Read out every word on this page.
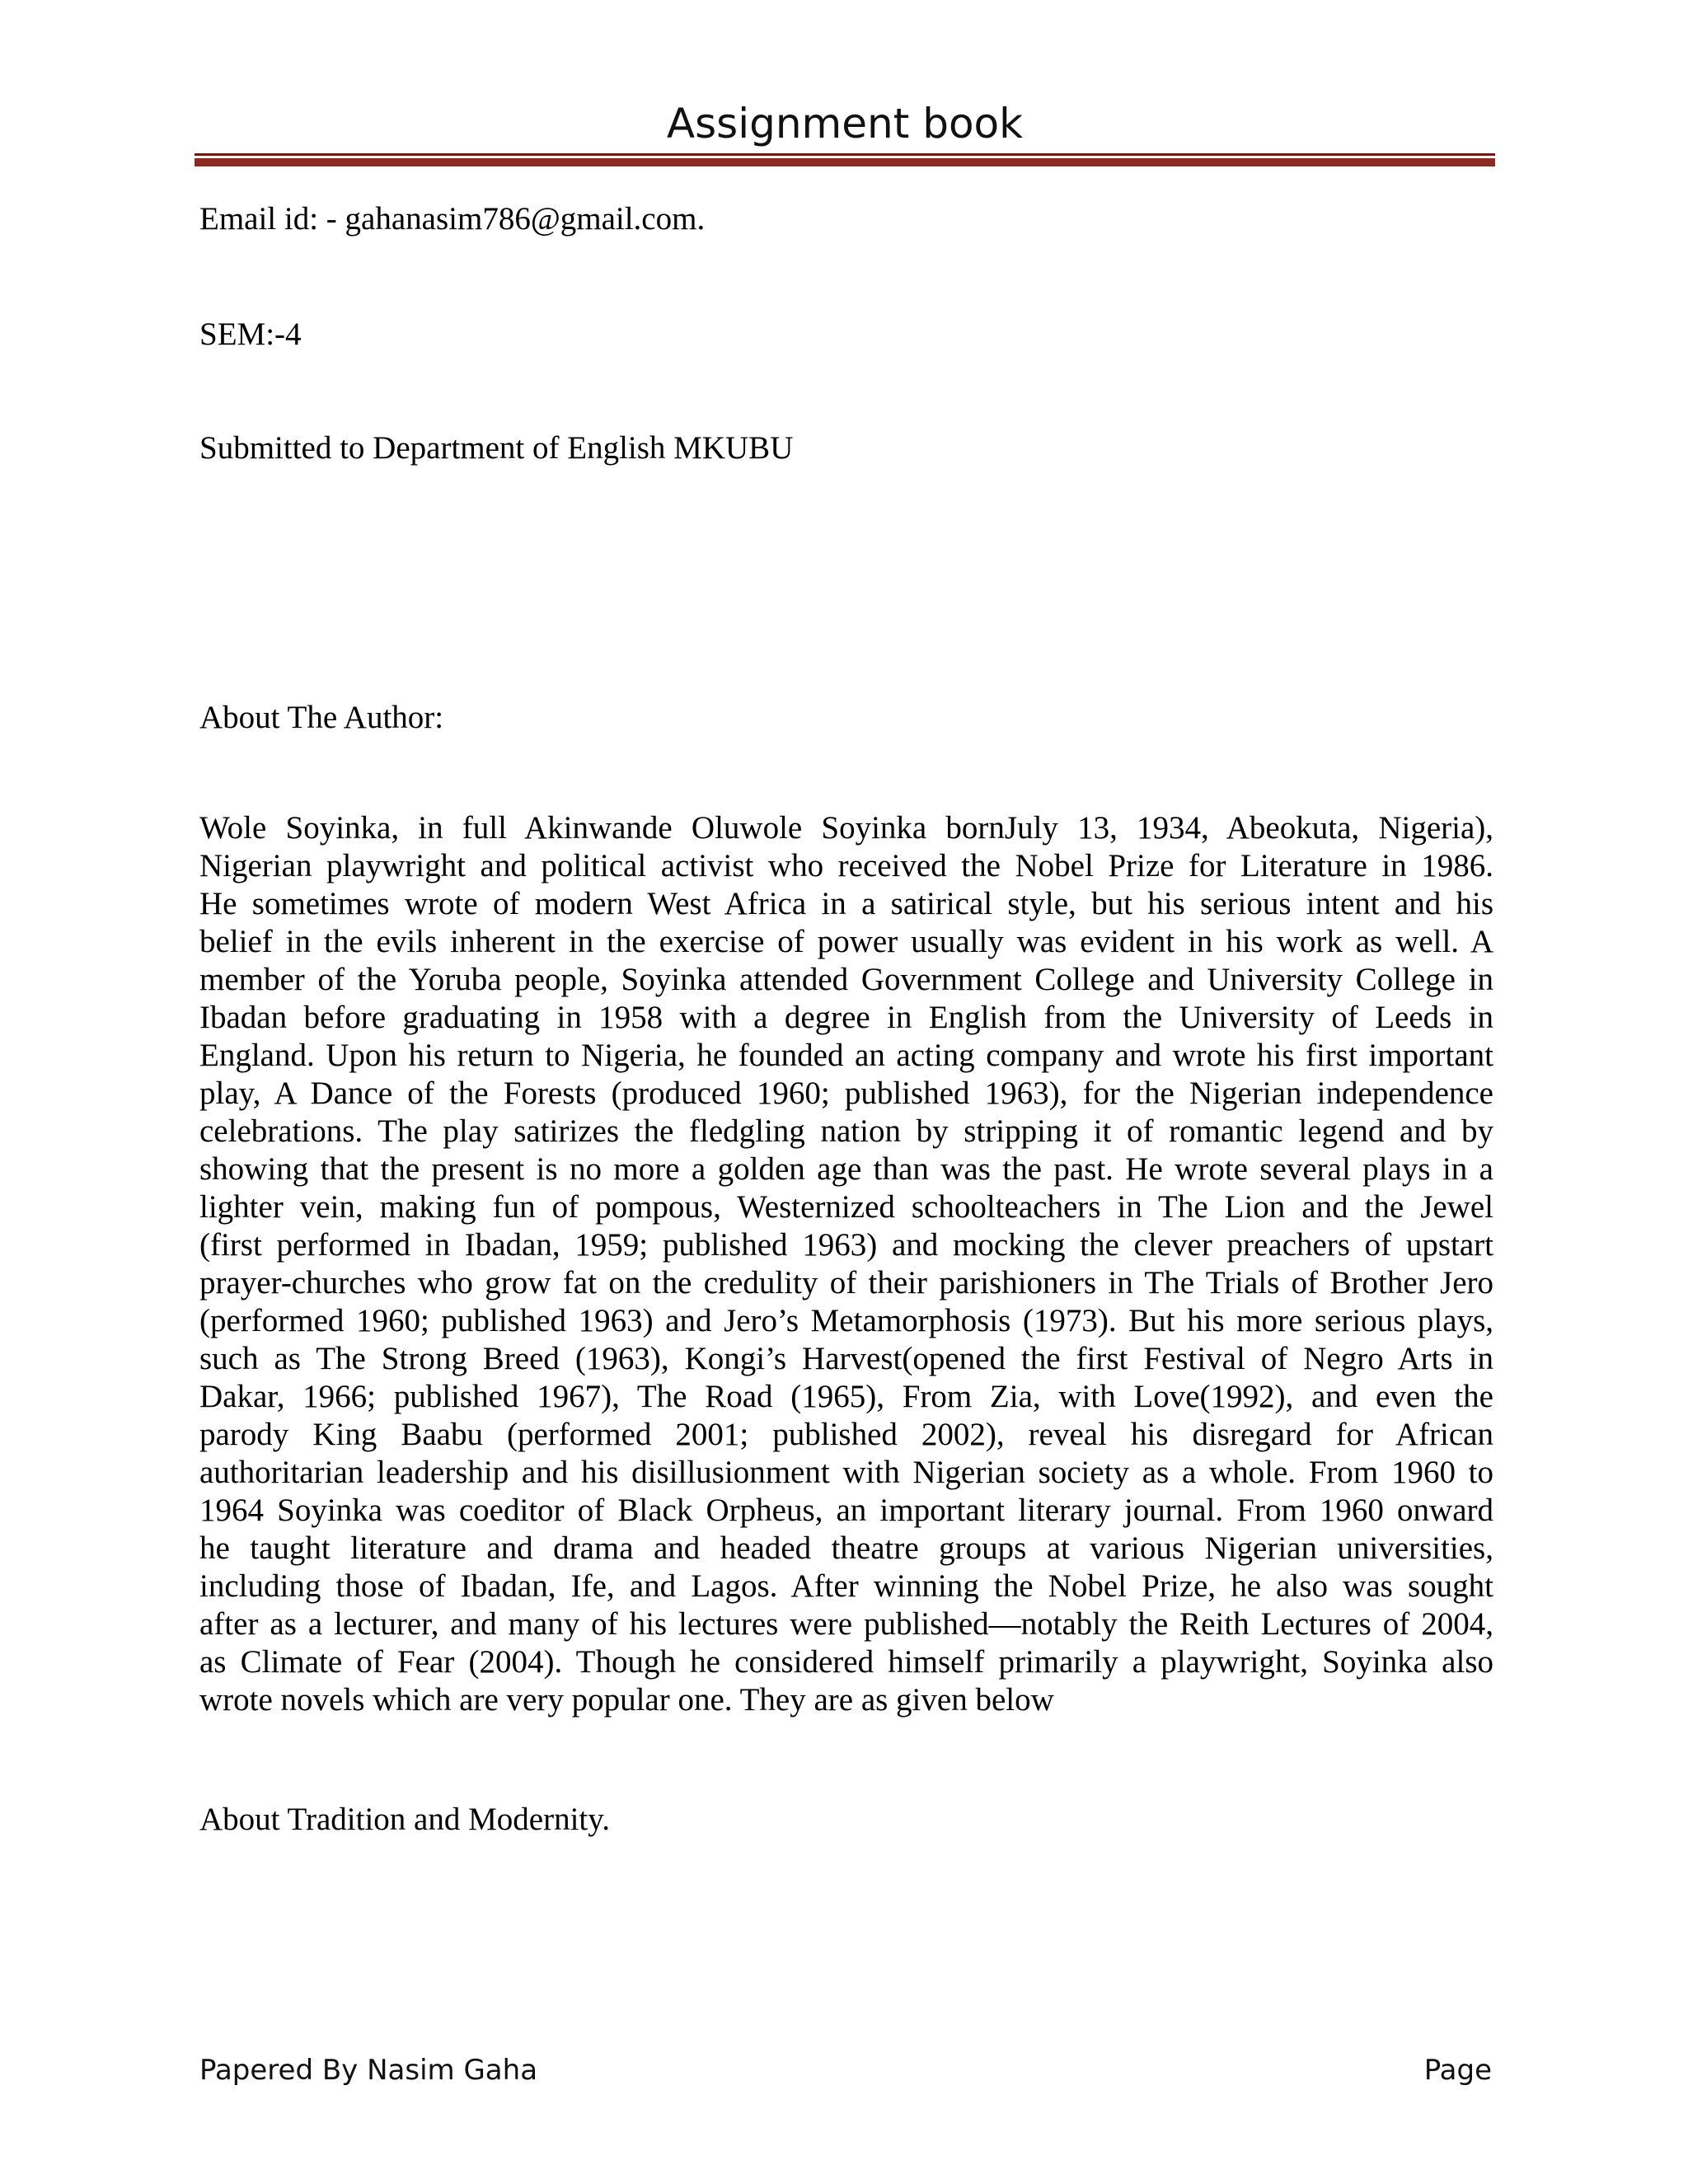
Assignment book
Email id: - gahanasim786@gmail.com.
SEM:-4
Submitted to Department of English MKUBU
About The Author:
Wole Soyinka, in full Akinwande Oluwole Soyinka bornJuly 13, 1934, Abeokuta, Nigeria),
Nigerian playwright and political activist who received the Nobel Prize for Literature in 1986.
He sometimes wrote of modern West Africa in a satirical style, but his serious intent and his
belief in the evils inherent in the exercise of power usually was evident in his work as well. A
member of the Yoruba people, Soyinka attended Government College and University College in
Ibadan before graduating in 1958 with a degree in English from the University of Leeds in
England. Upon his return to Nigeria, he founded an acting company and wrote his first important
play, A Dance of the Forests (produced 1960; published 1963), for the Nigerian independence
celebrations. The play satirizes the fledgling nation by stripping it of romantic legend and by
showing that the present is no more a golden age than was the past. He wrote several plays in a
lighter vein, making fun of pompous, Westernized schoolteachers in The Lion and the Jewel
(first performed in Ibadan, 1959; published 1963) and mocking the clever preachers of upstart
prayer-churches who grow fat on the credulity of their parishioners in The Trials of Brother Jero
(performed 1960; published 1963) and Jero’s Metamorphosis (1973). But his more serious plays,
such as The Strong Breed (1963), Kongi’s Harvest(opened the first Festival of Negro Arts in
Dakar, 1966; published 1967), The Road (1965), From Zia, with Love(1992), and even the
parody King Baabu (performed 2001; published 2002), reveal his disregard for African
authoritarian leadership and his disillusionment with Nigerian society as a whole. From 1960 to
1964 Soyinka was coeditor of Black Orpheus, an important literary journal. From 1960 onward
he taught literature and drama and headed theatre groups at various Nigerian universities,
including those of Ibadan, Ife, and Lagos. After winning the Nobel Prize, he also was sought
after as a lecturer, and many of his lectures were published—notably the Reith Lectures of 2004,
as Climate of Fear (2004). Though he considered himself primarily a playwright, Soyinka also
wrote novels which are very popular one. They are as given below
About Tradition and Modernity.
Papered By Nasim Gaha	Page
